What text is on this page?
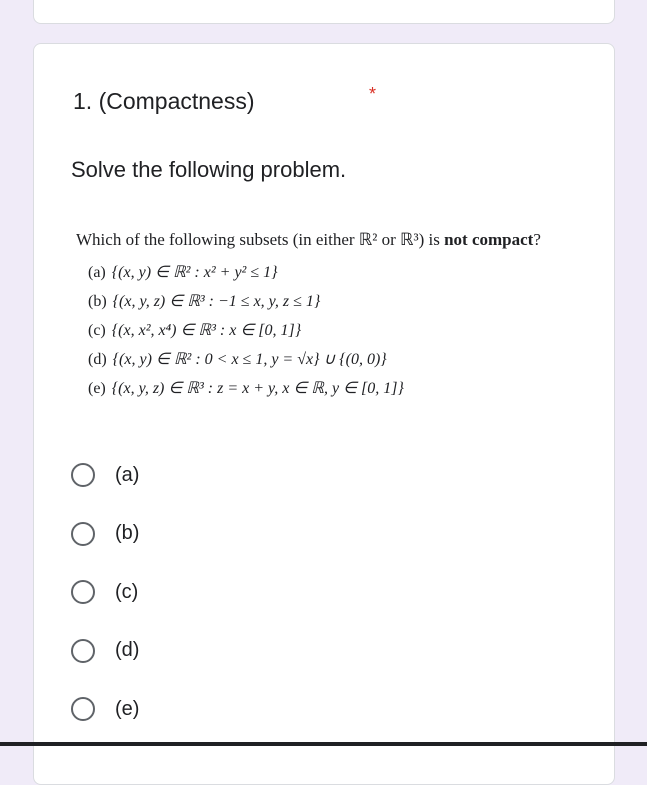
1. (Compactness)	*
Solve the following problem.

Which of the following subsets (in either ℝ² or ℝ³) is not compact?

(a) {(x, y) ∈ ℝ² : x² + y² ≤ 1}
(b) {(x, y, z) ∈ ℝ³ : −1 ≤ x, y, z ≤ 1}
(c) {(x, x², x⁴) ∈ ℝ³ : x ∈ [0, 1]}
(d) {(x, y) ∈ ℝ² : 0 < x ≤ 1, y = √x} ∪ {(0, 0)}
(e) {(x, y, z) ∈ ℝ³ : z = x + y, x ∈ ℝ, y ∈ [0, 1]}
(a)
(b)
(c)
(d)
(e)
